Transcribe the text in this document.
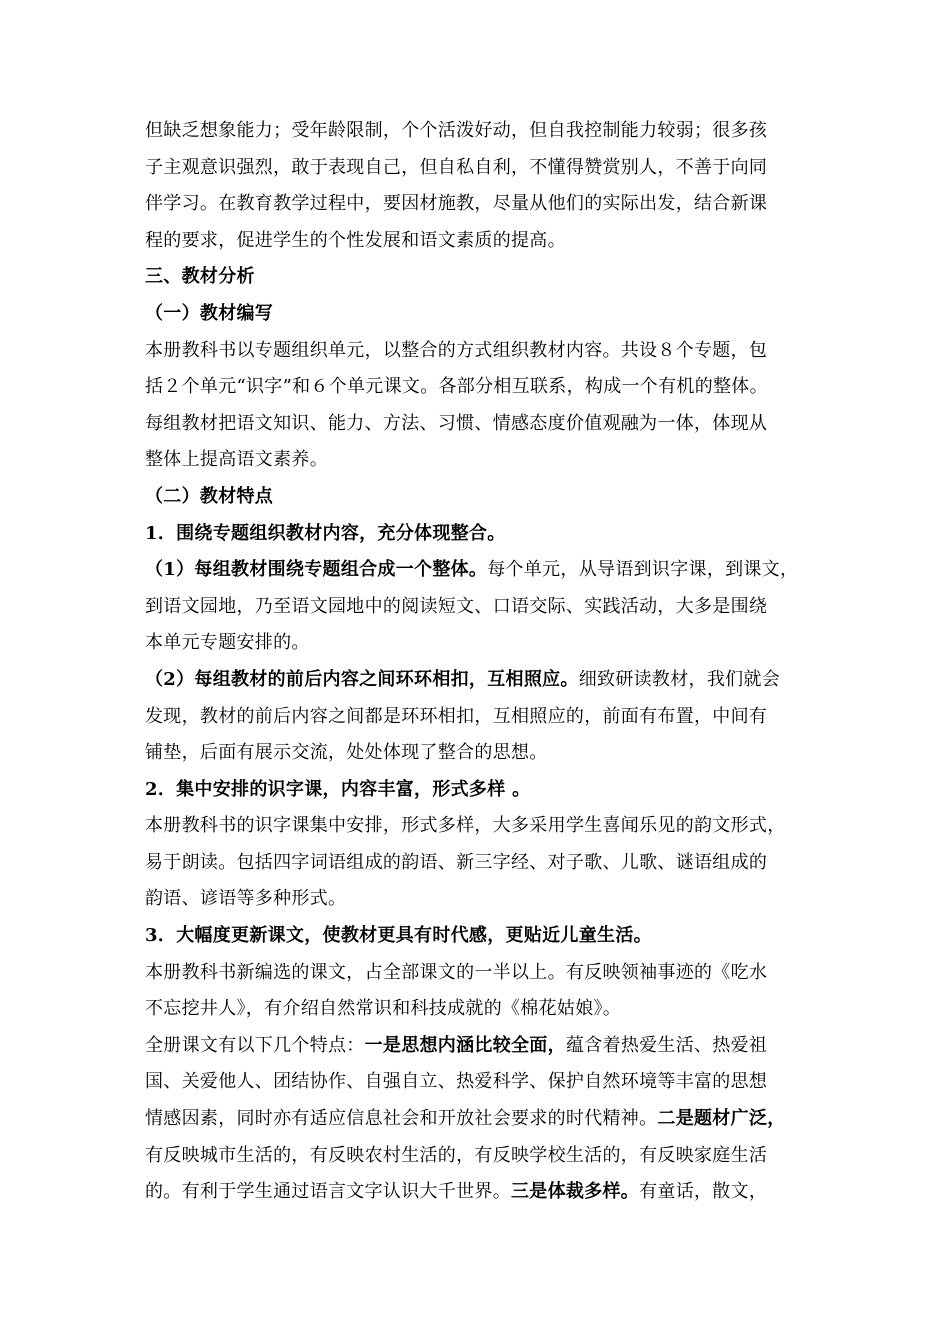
但缺乏想象能力；受年龄限制，个个活泼好动，但自我控制能力较弱；很多孩
子主观意识强烈，敢于表现自己，但自私自利，不懂得赞赏别人，不善于向同
伴学习。在教育教学过程中，要因材施教，尽量从他们的实际出发，结合新课
程的要求，促进学生的个性发展和语文素质的提高。
三、教材分析
（一）教材编写
本册教科书以专题组织单元，以整合的方式组织教材内容。共设８个专题，包
括２个单元“识字”和６个单元课文。各部分相互联系，构成一个有机的整体。
每组教材把语文知识、能力、方法、习惯、情感态度价值观融为一体，体现从
整体上提高语文素养。
（二）教材特点
1．围绕专题组织教材内容，充分体现整合。
（1）每组教材围绕专题组合成一个整体。每个单元，从导语到识字课，到课文，
到语文园地，乃至语文园地中的阅读短文、口语交际、实践活动，大多是围绕
本单元专题安排的。
（2）每组教材的前后内容之间环环相扣，互相照应。细致研读教材，我们就会
发现，教材的前后内容之间都是环环相扣，互相照应的，前面有布置，中间有
铺垫，后面有展示交流，处处体现了整合的思想。
2．集中安排的识字课，内容丰富，形式多样 。
本册教科书的识字课集中安排，形式多样，大多采用学生喜闻乐见的韵文形式，
易于朗读。包括四字词语组成的韵语、新三字经、对子歌、儿歌、谜语组成的
韵语、谚语等多种形式。
3．大幅度更新课文，使教材更具有时代感，更贴近儿童生活。
本册教科书新编选的课文，占全部课文的一半以上。有反映领袖事迹的《吃水
不忘挖井人》，有介绍自然常识和科技成就的《棉花姑娘》。
全册课文有以下几个特点：一是思想内涵比较全面，蕴含着热爱生活、热爱祖
国、关爱他人、团结协作、自强自立、热爱科学、保护自然环境等丰富的思想
情感因素，同时亦有适应信息社会和开放社会要求的时代精神。二是题材广泛，
有反映城市生活的，有反映农村生活的，有反映学校生活的，有反映家庭生活
的。有利于学生通过语言文字认识大千世界。三是体裁多样。有童话，散文，
